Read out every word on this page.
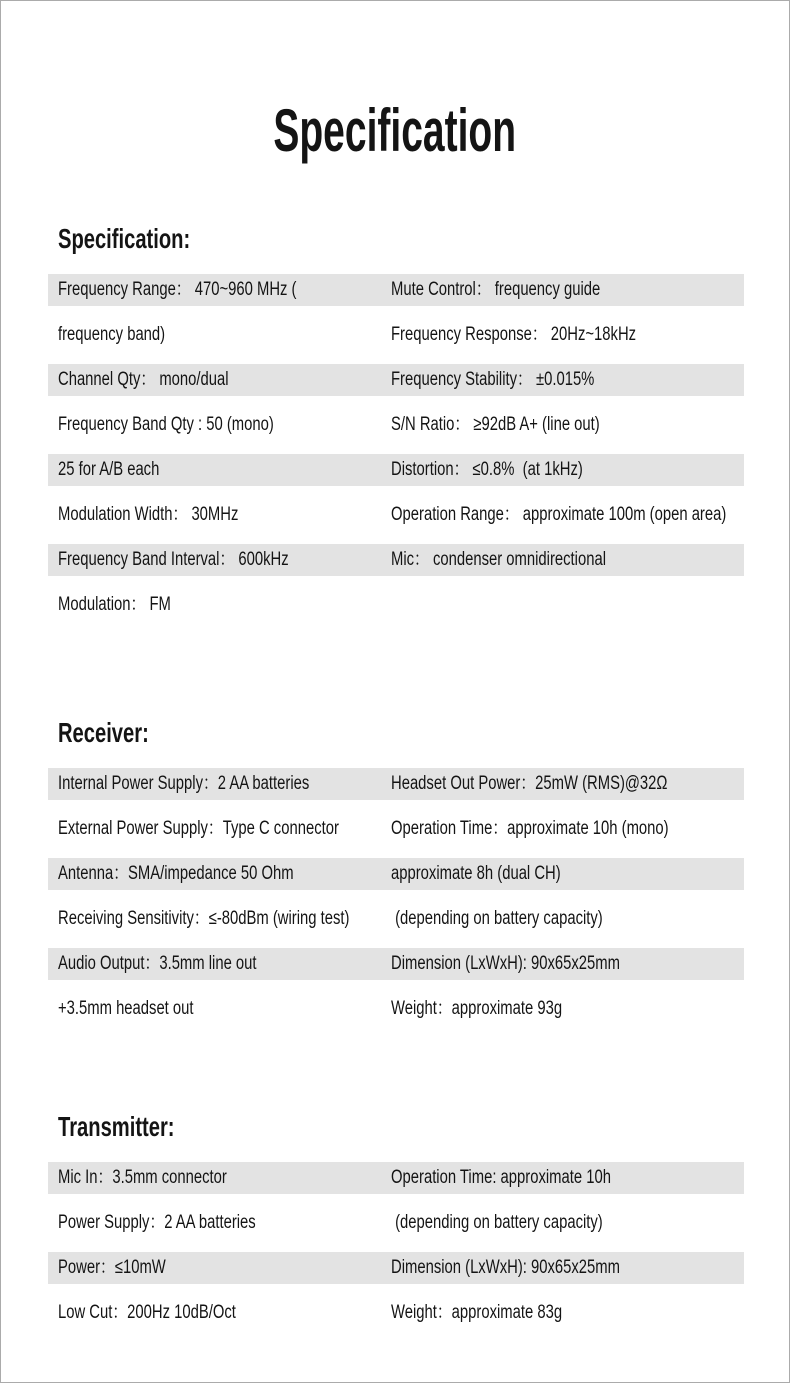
Specification
Specification:
Frequency Range： 470~960 MHz (	Mute Control： frequency guide
frequency band)	Frequency Response： 20Hz~18kHz
Channel Qty： mono/dual	Frequency Stability： ±0.015%
Frequency Band Qty : 50 (mono)	S/N Ratio： ≥92dB A+ (line out)
25 for A/B each	Distortion： ≤0.8%  (at 1kHz)
Modulation Width： 30MHz	Operation Range： approximate 100m (open area)
Frequency Band Interval： 600kHz	Mic： condenser omnidirectional
Modulation： FM
Receiver:
Internal Power Supply：2 AA batteries	Headset Out Power：25mW (RMS)@32Ω
External Power Supply：Type C connector	Operation Time：approximate 10h (mono)
Antenna：SMA/impedance 50 Ohm	approximate 8h (dual CH)
Receiving Sensitivity：≤-80dBm (wiring test)	(depending on battery capacity)
Audio Output：3.5mm line out	Dimension (LxWxH): 90x65x25mm
+3.5mm headset out	Weight：approximate 93g
Transmitter:
Mic In：3.5mm connector	Operation Time: approximate 10h
Power Supply：2 AA batteries	(depending on battery capacity)
Power：≤10mW	Dimension (LxWxH): 90x65x25mm
Low Cut：200Hz 10dB/Oct	Weight：approximate 83g
